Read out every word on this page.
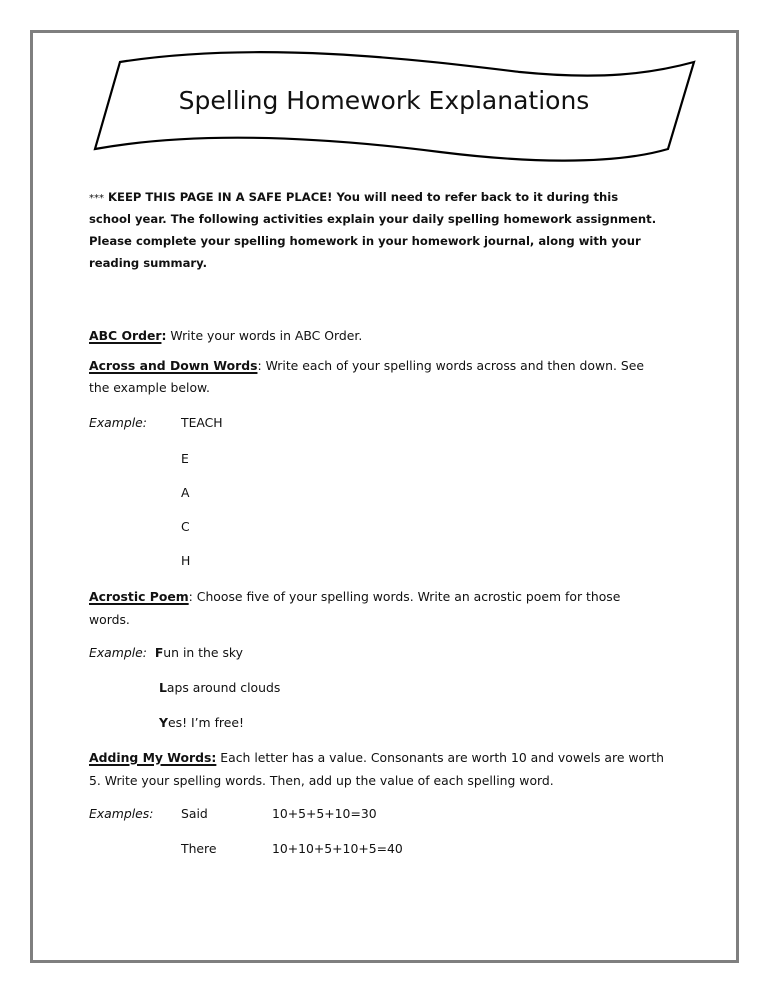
Spelling Homework Explanations
*** KEEP THIS PAGE IN A SAFE PLACE! You will need to refer back to it during this
school year. The following activities explain your daily spelling homework assignment.
Please complete your spelling homework in your homework journal, along with your
reading summary.
ABC Order: Write your words in ABC Order.
Across and Down Words: Write each of your spelling words across and then down. See
the example below.
Example:	TEACH
E
A
C
H
Acrostic Poem: Choose five of your spelling words. Write an acrostic poem for those
words.
Example: Fun in the sky
Laps around clouds
Yes! I’m free!
Adding My Words: Each letter has a value. Consonants are worth 10 and vowels are worth
5. Write your spelling words. Then, add up the value of each spelling word.
Examples: Said	10+5+5+10=30
There	10+10+5+10+5=40
